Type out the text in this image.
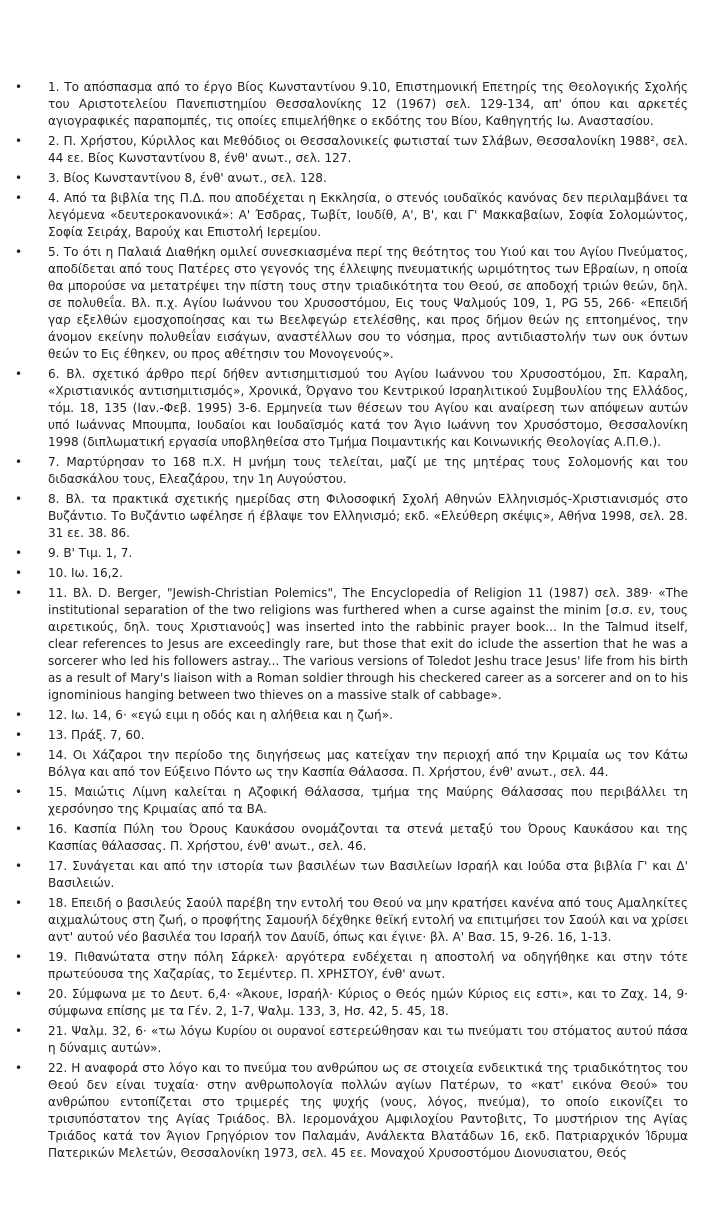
• 1. Το απόσπασμα από το έργο Βίος Κωνσταντίνου 9.10, Επιστημονική Επετηρίς της Θεολογικής Σχολής του Αριστοτελείου Πανεπιστημίου Θεσσαλονίκης 12 (1967) σελ. 129-134, απ' όπου και αρκετές αγιογραφικές παραπομπές, τις οποίες επιμελήθηκε ο εκδότης του Βίου, Καθηγητής Ιω. Αναστασίου.
• 2. Π. Χρήστου, Κύριλλος και Μεθόδιος οι Θεσσαλονικείς φωτισταί των Σλάβων, Θεσσαλονίκη 1988², σελ. 44 εε. Βίος Κωνσταντίνου 8, ένθ' ανωτ., σελ. 127.
• 3. Βίος Κωνσταντίνου 8, ένθ' ανωτ., σελ. 128.
• 4. Από τα βιβλία της Π.Δ. που αποδέχεται η Εκκλησία, ο στενός ιουδαϊκός κανόνας δεν περιλαμβάνει τα λεγόμενα «δευτεροκανονικά»: Α' Έσδρας, Τωβίτ, Ιουδίθ, Α', Β', και Γ' Μακκαβαίων, Σοφία Σολομώντος, Σοφία Σειράχ, Βαρούχ και Επιστολή Ιερεμίου.
• 5. Το ότι η Παλαιά Διαθήκη ομιλεί συνεσκιασμένα περί της θεότητος του Υιού και του Αγίου Πνεύματος, αποδίδεται από τους Πατέρες στο γεγονός της έλλειψης πνευματικής ωριμότητος των Εβραίων, η οποία θα μπορούσε να μετατρέψει την πίστη τους στην τριαδικότητα του Θεού, σε αποδοχή τριών θεών, δηλ. σε πολυθεΐα. Βλ. π.χ. Αγίου Ιωάννου του Χρυσοστόμου, Εις τους Ψαλμούς 109, 1, PG 55, 266· «Επειδή γαρ εξελθών εμοσχοποίησας και τω Βεελφεγώρ ετελέσθης, και προς δήμον θεών ης επτοημένος, την άνομον εκείνην πολυθεΐαν εισάγων, αναστέλλων σου το νόσημα, προς αντιδιαστολήν των ουκ όντων θεών το Εις έθηκεν, ου προς αθέτησιν του Μονογενούς».
• 6. Βλ. σχετικό άρθρο περί δήθεν αντισημιτισμού του Αγίου Ιωάννου του Χρυσοστόμου, Σπ. Καραλη, «Χριστιανικός αντισημιτισμός», Χρονικά, Όργανο του Κεντρικού Ισραηλιτικού Συμβουλίου της Ελλάδος, τόμ. 18, 135 (Ιαν.-Φεβ. 1995) 3-6. Ερμηνεία των θέσεων του Αγίου και αναίρεση των απόψεων αυτών υπό Ιωάννας Μπουμπα, Ιουδαίοι και Ιουδαϊσμός κατά τον Άγιο Ιωάννη τον Χρυσόστομο, Θεσσαλονίκη 1998 (διπλωματική εργασία υποβληθείσα στο Τμήμα Ποιμαντικής και Κοινωνικής Θεολογίας Α.Π.Θ.).
• 7. Μαρτύρησαν το 168 π.Χ. Η μνήμη τους τελείται, μαζί με της μητέρας τους Σολομονής και του διδασκάλου τους, Ελεαζάρου, την 1η Αυγούστου.
• 8. Βλ. τα πρακτικά σχετικής ημερίδας στη Φιλοσοφική Σχολή Αθηνών Ελληνισμός-Χριστιανισμός στο Βυζάντιο. Το Βυζάντιο ωφέλησε ή έβλαψε τον Ελληνισμό; εκδ. «Ελεύθερη σκέψις», Αθήνα 1998, σελ. 28. 31 εε. 38. 86.
• 9. Β' Τιμ. 1, 7.
• 10. Ιω. 16,2.
• 11. Βλ. D. Berger, "Jewish-Christian Polemics", The Encyclopedia of Religion 11 (1987) σελ. 389· «The institutional separation of the two religions was furthered when a curse against the minim [σ.σ. εν, τους αιρετικούς, δηλ. τους Χριστιανούς] was inserted into the rabbinic prayer book... In the Talmud itself, clear references to Jesus are exceedingly rare, but those that exit do iclude the assertion that he was a sorcerer who led his followers astray... The various versions of Toledot Jeshu trace Jesus' life from his birth as a result of Mary's liaison with a Roman soldier through his checkered career as a sorcerer and on to his ignominious hanging between two thieves on a massive stalk of cabbage».
• 12. Ιω. 14, 6· «εγώ ειμι η οδός και η αλήθεια και η ζωή».
• 13. Πράξ. 7, 60.
• 14. Οι Χάζαροι την περίοδο της διηγήσεως μας κατείχαν την περιοχή από την Κριμαία ως τον Κάτω Βόλγα και από τον Εύξεινο Πόντο ως την Κασπία Θάλασσα. Π. Χρήστου, ένθ' ανωτ., σελ. 44.
• 15. Μαιώτις Λίμνη καλείται η Αζοφική Θάλασσα, τμήμα της Μαύρης Θάλασσας που περιβάλλει τη χερσόνησο της Κριμαίας από τα ΒΑ.
• 16. Κασπία Πύλη του Όρους Καυκάσου ονομάζονται τα στενά μεταξύ του Όρους Καυκάσου και της Κασπίας θάλασσας. Π. Χρήστου, ένθ' ανωτ., σελ. 46.
• 17. Συνάγεται και από την ιστορία των βασιλέων των Βασιλείων Ισραήλ και Ιούδα στα βιβλία Γ' και Δ' Βασιλειών.
• 18. Επειδή ο βασιλεύς Σαούλ παρέβη την εντολή του Θεού να μην κρατήσει κανένα από τους Αμαληκίτες αιχμαλώτους στη ζωή, ο προφήτης Σαμουήλ δέχθηκε θεϊκή εντολή να επιτιμήσει τον Σαούλ και να χρίσει αντ' αυτού νέο βασιλέα του Ισραήλ τον Δαυίδ, όπως και έγινε· βλ. Α' Βασ. 15, 9-26. 16, 1-13.
• 19. Πιθανώτατα στην πόλη Σάρκελ· αργότερα ενδέχεται η αποστολή να οδηγήθηκε και στην τότε πρωτεύουσα της Χαζαρίας, το Σεμέντερ. Π. ΧΡΗΣΤΟΥ, ένθ' ανωτ.
• 20. Σύμφωνα με το Δευτ. 6,4· «Άκουε, Ισραήλ· Κύριος ο Θεός ημών Κύριος εις εστι», και το Ζαχ. 14, 9· σύμφωνα επίσης με τα Γέν. 2, 1-7, Ψαλμ. 133, 3, Ησ. 42, 5. 45, 18.
• 21. Ψαλμ. 32, 6· «τω λόγω Κυρίου οι ουρανοί εστερεώθησαν και τω πνεύματι του στόματος αυτού πάσα η δύναμις αυτών».
• 22. Η αναφορά στο λόγο και το πνεύμα του ανθρώπου ως σε στοιχεία ενδεικτικά της τριαδικότητος του Θεού δεν είναι τυχαία· στην ανθρωπολογία πολλών αγίων Πατέρων, το «κατ' εικόνα Θεού» του ανθρώπου εντοπίζεται στο τριμερές της ψυχής (νους, λόγος, πνεύμα), το οποίο εικονίζει το τρισυπόστατον της Αγίας Τριάδος. Βλ. Ιερομονάχου Αμφιλοχίου Ραντοβιτς, Το μυστήριον της Αγίας Τριάδος κατά τον Άγιον Γρηγόριον τον Παλαμάν, Ανάλεκτα Βλατάδων 16, εκδ. Πατριαρχικόν Ίδρυμα Πατερικών Μελετών, Θεσσαλονίκη 1973, σελ. 45 εε. Μοναχού Χρυσοστόμου Διονυσιατου, Θεός
